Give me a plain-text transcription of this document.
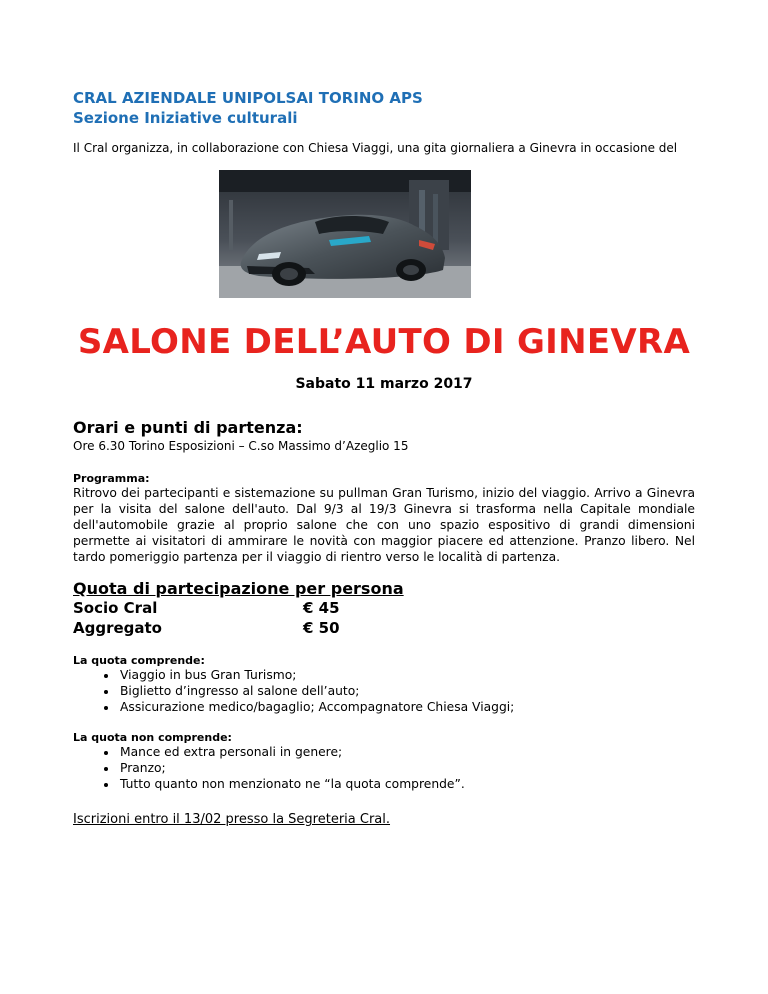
CRAL AZIENDALE UNIPOLSAI TORINO APS

Sezione Iniziative culturali

Il Cral organizza, in collaborazione con Chiesa Viaggi, una gita giornaliera a Ginevra in occasione del
SALONE DELL’AUTO DI GINEVRA
Sabato 11 marzo 2017
Orari e punti di partenza:
Ore 6.30 Torino Esposizioni – C.so Massimo d’Azeglio 15
Programma:
Ritrovo dei partecipanti e sistemazione su pullman Gran Turismo, inizio del viaggio. Arrivo a Ginevra per la visita del salone dell'auto. Dal 9/3 al 19/3 Ginevra si trasforma nella Capitale mondiale dell'automobile grazie al proprio salone che con uno spazio espositivo di grandi dimensioni permette ai visitatori di ammirare le novità con maggior piacere ed attenzione. Pranzo libero. Nel tardo pomeriggio partenza per il viaggio di rientro verso le località di partenza.
Quota di partecipazione per persona
Socio Cral	€ 45
Aggregato	€ 50
La quota comprende:
• Viaggio in bus Gran Turismo;
• Biglietto d’ingresso al salone dell’auto;
• Assicurazione medico/bagaglio; Accompagnatore Chiesa Viaggi;
La quota non comprende:
• Mance ed extra personali in genere;
• Pranzo;
• Tutto quanto non menzionato ne “la quota comprende”.
Iscrizioni entro il 13/02 presso la Segreteria Cral.
